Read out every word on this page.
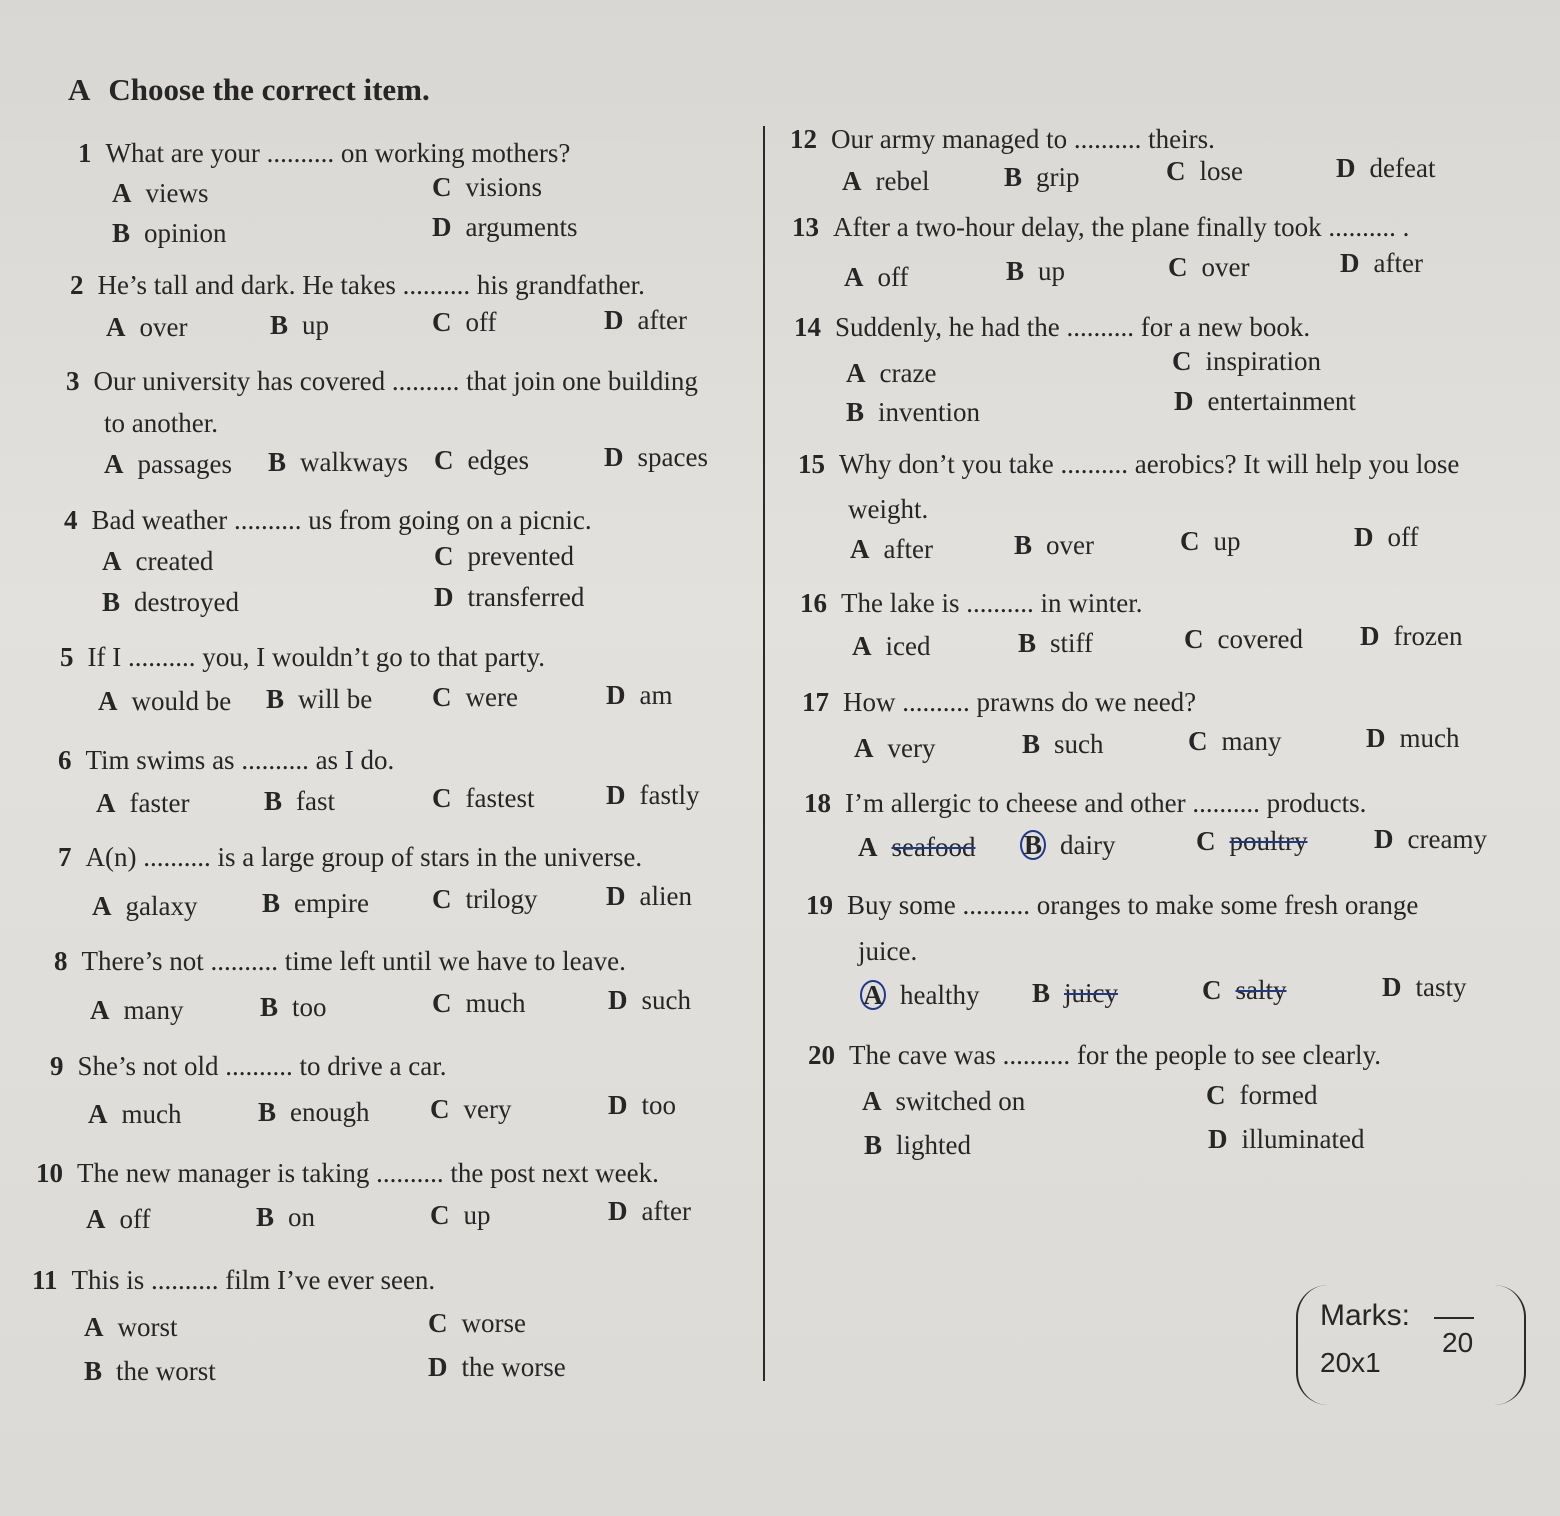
A Choose the correct item.
1 What are your .......... on working mothers?
A views	C visions
B opinion	D arguments
2 He’s tall and dark. He takes .......... his grandfather.
A over	B up	C off	D after
3 Our university has covered .......... that join one building
to another.
A passages B walkways C edges	D spaces
4 Bad weather .......... us from going on a picnic.
A created	C prevented
B destroyed	D transferred
5 If I .......... you, I wouldn’t go to that party.
A would be B will be C were	D am
6 Tim swims as .......... as I do.
A faster	B fast	C fastest	D fastly
7 A(n) .......... is a large group of stars in the universe.
A galaxy B empire C trilogy	D alien
8 There’s not .......... time left until we have to leave.
A many	B too	C much	D such
9 She’s not old .......... to drive a car.
A much	B enough C very	D too
10 The new manager is taking .......... the post next week.
A off	B on	C up	D after
11 This is .......... film I’ve ever seen.
A worst	C worse
B the worst	D the worse
12 Our army managed to .......... theirs.
A rebel	B grip	C lose	D defeat
13 After a two-hour delay, the plane finally took .......... .
A off	B up	C over	D after
14 Suddenly, he had the .......... for a new book.
A craze	C inspiration
B invention	D entertainment
15 Why don’t you take .......... aerobics? It will help you lose
weight.
A after	B over	C up	D off
16 The lake is .......... in winter.
A iced	B stiff	C covered D frozen
17 How .......... prawns do we need?
A very	B such	C many	D much
18 I’m allergic to cheese and other .......... products.
A seafood B dairy	C poultry D creamy
19 Buy some .......... oranges to make some fresh orange
juice.
A healthy B juicy	C salty	D tasty
20 The cave was .......... for the people to see clearly.
A switched on	C formed
B lighted	D illuminated
Marks:
20
20x1
